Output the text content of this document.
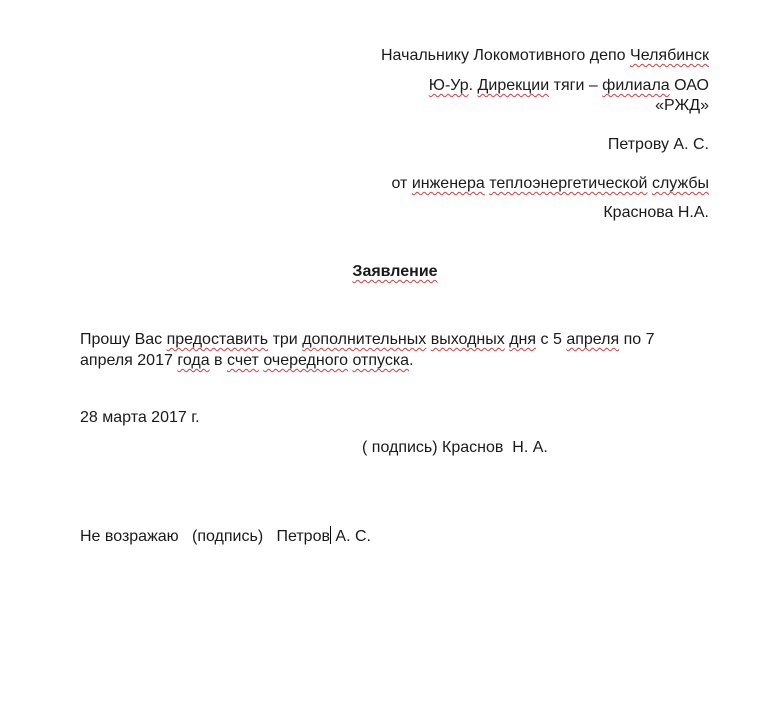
Начальнику Локомотивного депо Челябинск
Ю-Ур. Дирекции тяги – филиала ОАО
«РЖД»
Петрову А. С.
от инженера теплоэнергетической службы
Краснова Н.А.
Заявление
Прошу Вас предоставить три дополнительных выходных дня с 5 апреля по 7
апреля 2017 года в счет очередного отпуска.
28 марта 2017 г.
( подпись) Краснов  Н. А.
Не возражаю   (подпись)   Петров А. С.
